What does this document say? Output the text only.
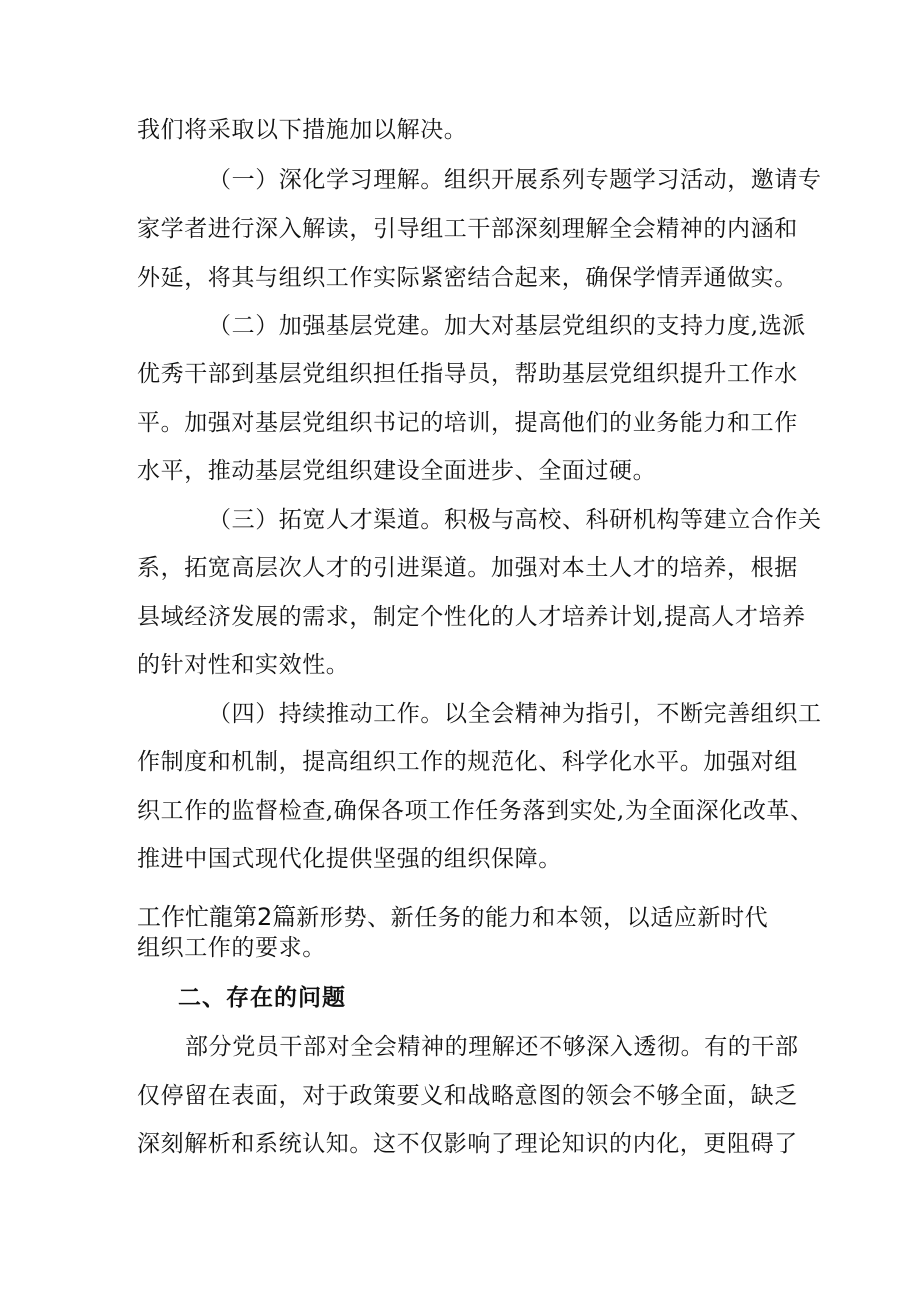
我们将采取以下措施加以解决。
（一）深化学习理解。组织开展系列专题学习活动，邀请专
家学者进行深入解读，引导组工干部深刻理解全会精神的内涵和
外延，将其与组织工作实际紧密结合起来，确保学情弄通做实。
（二）加强基层党建。加大对基层党组织的支持力度,选派
优秀干部到基层党组织担任指导员，帮助基层党组织提升工作水
平。加强对基层党组织书记的培训，提高他们的业务能力和工作
水平，推动基层党组织建设全面进步、全面过硬。
（三）拓宽人才渠道。积极与高校、科研机构等建立合作关
系，拓宽高层次人才的引进渠道。加强对本土人才的培养，根据
县域经济发展的需求，制定个性化的人才培养计划,提高人才培养
的针对性和实效性。
（四）持续推动工作。以全会精神为指引，不断完善组织工
作制度和机制，提高组织工作的规范化、科学化水平。加强对组
织工作的监督检查,确保各项工作任务落到实处,为全面深化改革、
推进中国式现代化提供坚强的组织保障。
工作忙龍第2篇新形势、新任务的能力和本领，以适应新时代
组织工作的要求。
二、存在的问题
部分党员干部对全会精神的理解还不够深入透彻。有的干部
仅停留在表面，对于政策要义和战略意图的领会不够全面，缺乏
深刻解析和系统认知。这不仅影响了理论知识的内化，更阻碍了
